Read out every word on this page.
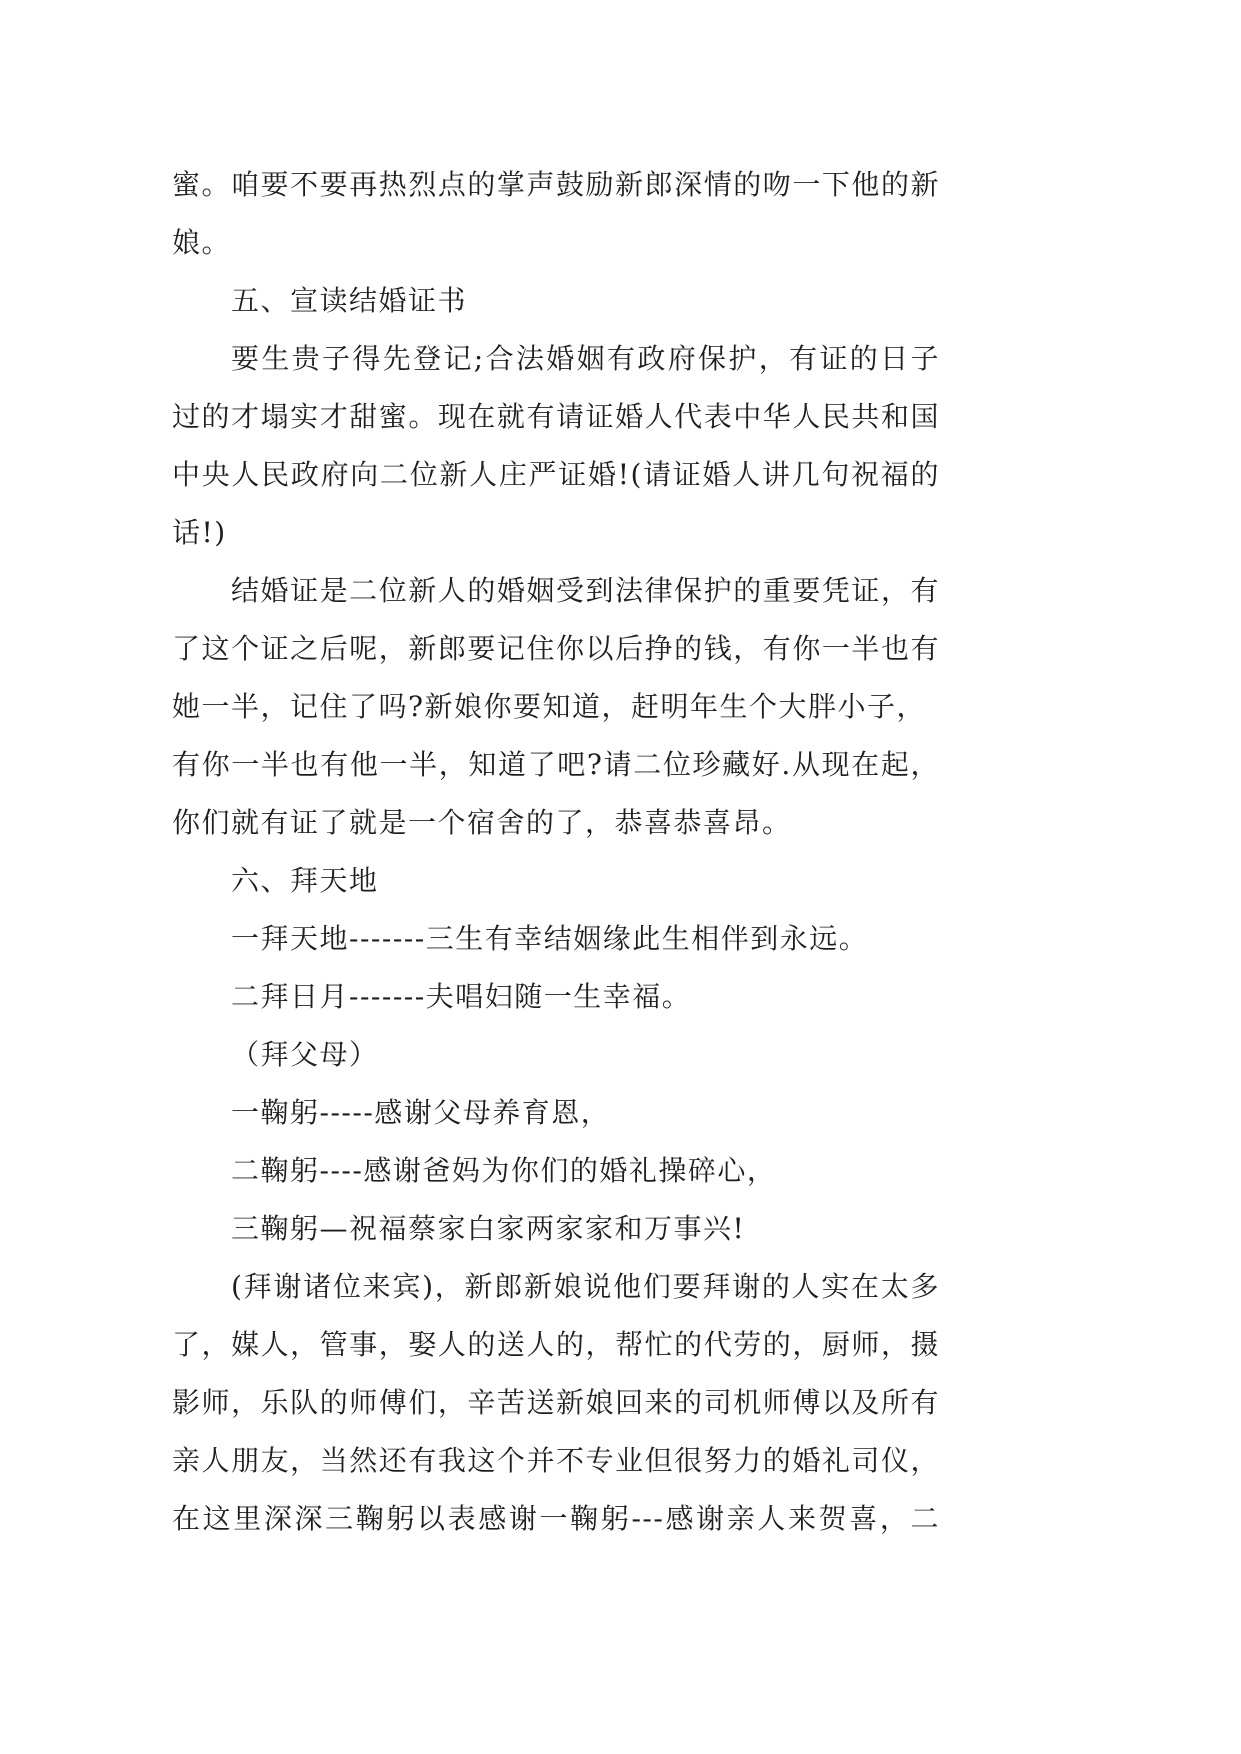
蜜。咱要不要再热烈点的掌声鼓励新郎深情的吻一下他的新
娘。
五、宣读结婚证书
要生贵子得先登记;合法婚姻有政府保护，有证的日子
过的才塌实才甜蜜。现在就有请证婚人代表中华人民共和国
中央人民政府向二位新人庄严证婚!(请证婚人讲几句祝福的
话!)
结婚证是二位新人的婚姻受到法律保护的重要凭证，有
了这个证之后呢，新郎要记住你以后挣的钱，有你一半也有
她一半，记住了吗?新娘你要知道，赶明年生个大胖小子，
有你一半也有他一半，知道了吧?请二位珍藏好.从现在起，
你们就有证了就是一个宿舍的了，恭喜恭喜昂。
六、拜天地
一拜天地-------三生有幸结姻缘此生相伴到永远。
二拜日月-------夫唱妇随一生幸福。
（拜父母）
一鞠躬-----感谢父母养育恩，
二鞠躬----感谢爸妈为你们的婚礼操碎心，
三鞠躬—祝福蔡家白家两家家和万事兴!
(拜谢诸位来宾)，新郎新娘说他们要拜谢的人实在太多
了，媒人，管事，娶人的送人的，帮忙的代劳的，厨师，摄
影师，乐队的师傅们，辛苦送新娘回来的司机师傅以及所有
亲人朋友，当然还有我这个并不专业但很努力的婚礼司仪，
在这里深深三鞠躬以表感谢一鞠躬---感谢亲人来贺喜，二
